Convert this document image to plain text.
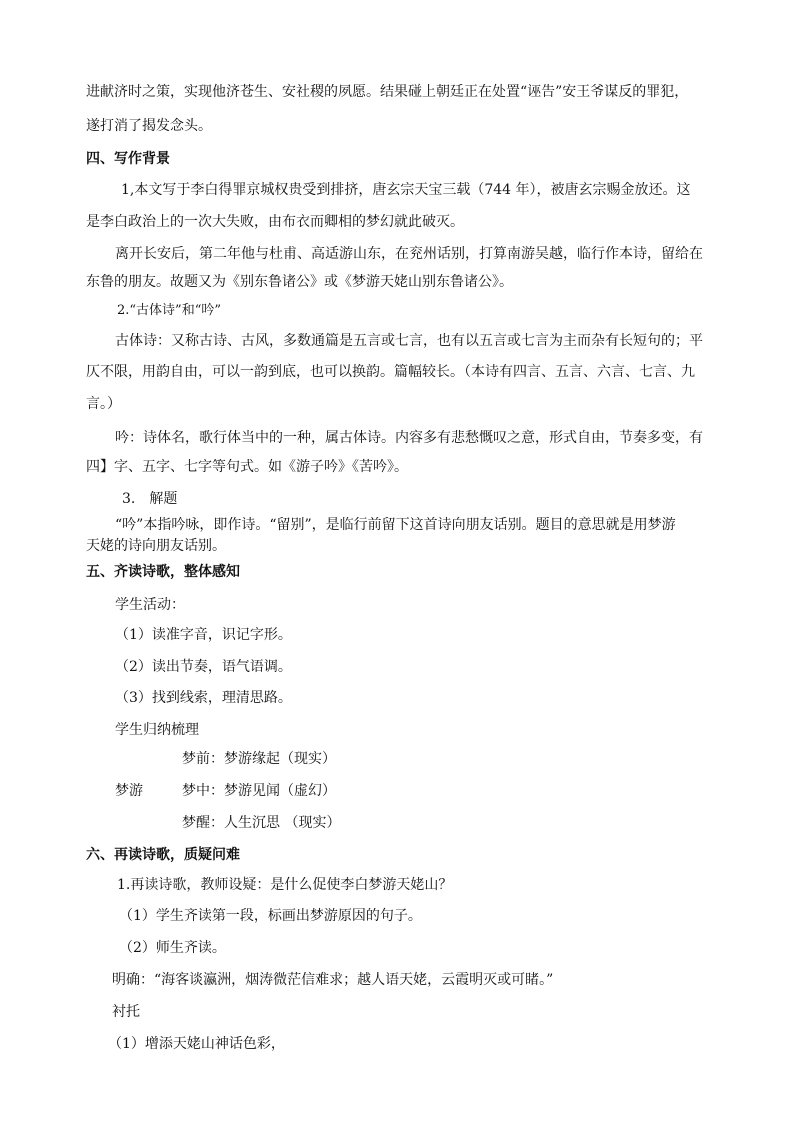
进献济时之策，实现他济苍生、安社稷的夙愿。结果碰上朝廷正在处置“诬告”安王爷谋反的罪犯，
遂打消了揭发念头。
四、写作背景
1,本文写于李白得罪京城权贵受到排挤，唐玄宗天宝三载（744 年），被唐玄宗赐金放还。这
是李白政治上的一次大失败，由布衣而卿相的梦幻就此破灭。
离开长安后，第二年他与杜甫、高适游山东，在兖州话别，打算南游吴越，临行作本诗，留给在
东鲁的朋友。故题又为《别东鲁诸公》或《梦游天姥山别东鲁诸公》。
2.“古体诗”和“吟”
古体诗：又称古诗、古风，多数通篇是五言或七言，也有以五言或七言为主而杂有长短句的；平
仄不限，用韵自由，可以一韵到底，也可以换韵。篇幅较长。（本诗有四言、五言、六言、七言、九
言。）
吟：诗体名，歌行体当中的一种，属古体诗。内容多有悲愁慨叹之意，形式自由，节奏多变，有
四】字、五字、七字等句式。如《游子吟》《苦吟》。
3.　解题
“吟”本指吟咏，即作诗。“留别”，是临行前留下这首诗向朋友话别。题目的意思就是用梦游
天姥的诗向朋友话别。
五、齐读诗歌，整体感知
学生活动：
（1）读准字音，识记字形。
（2）读出节奏，语气语调。
（3）找到线索，理清思路。
学生归纳梳理
梦前：梦游缘起（现实）
梦游	梦中：梦游见闻（虚幻）
梦醒：人生沉思 （现实）
六、再读诗歌，质疑问难
1.再读诗歌，教师设疑：是什么促使李白梦游天姥山？
（1）学生齐读第一段，标画出梦游原因的句子。
（2）师生齐读。
明确：“海客谈瀛洲，烟涛微茫信难求；越人语天姥，云霞明灭或可睹。”
衬托
（1）增添天姥山神话色彩，
